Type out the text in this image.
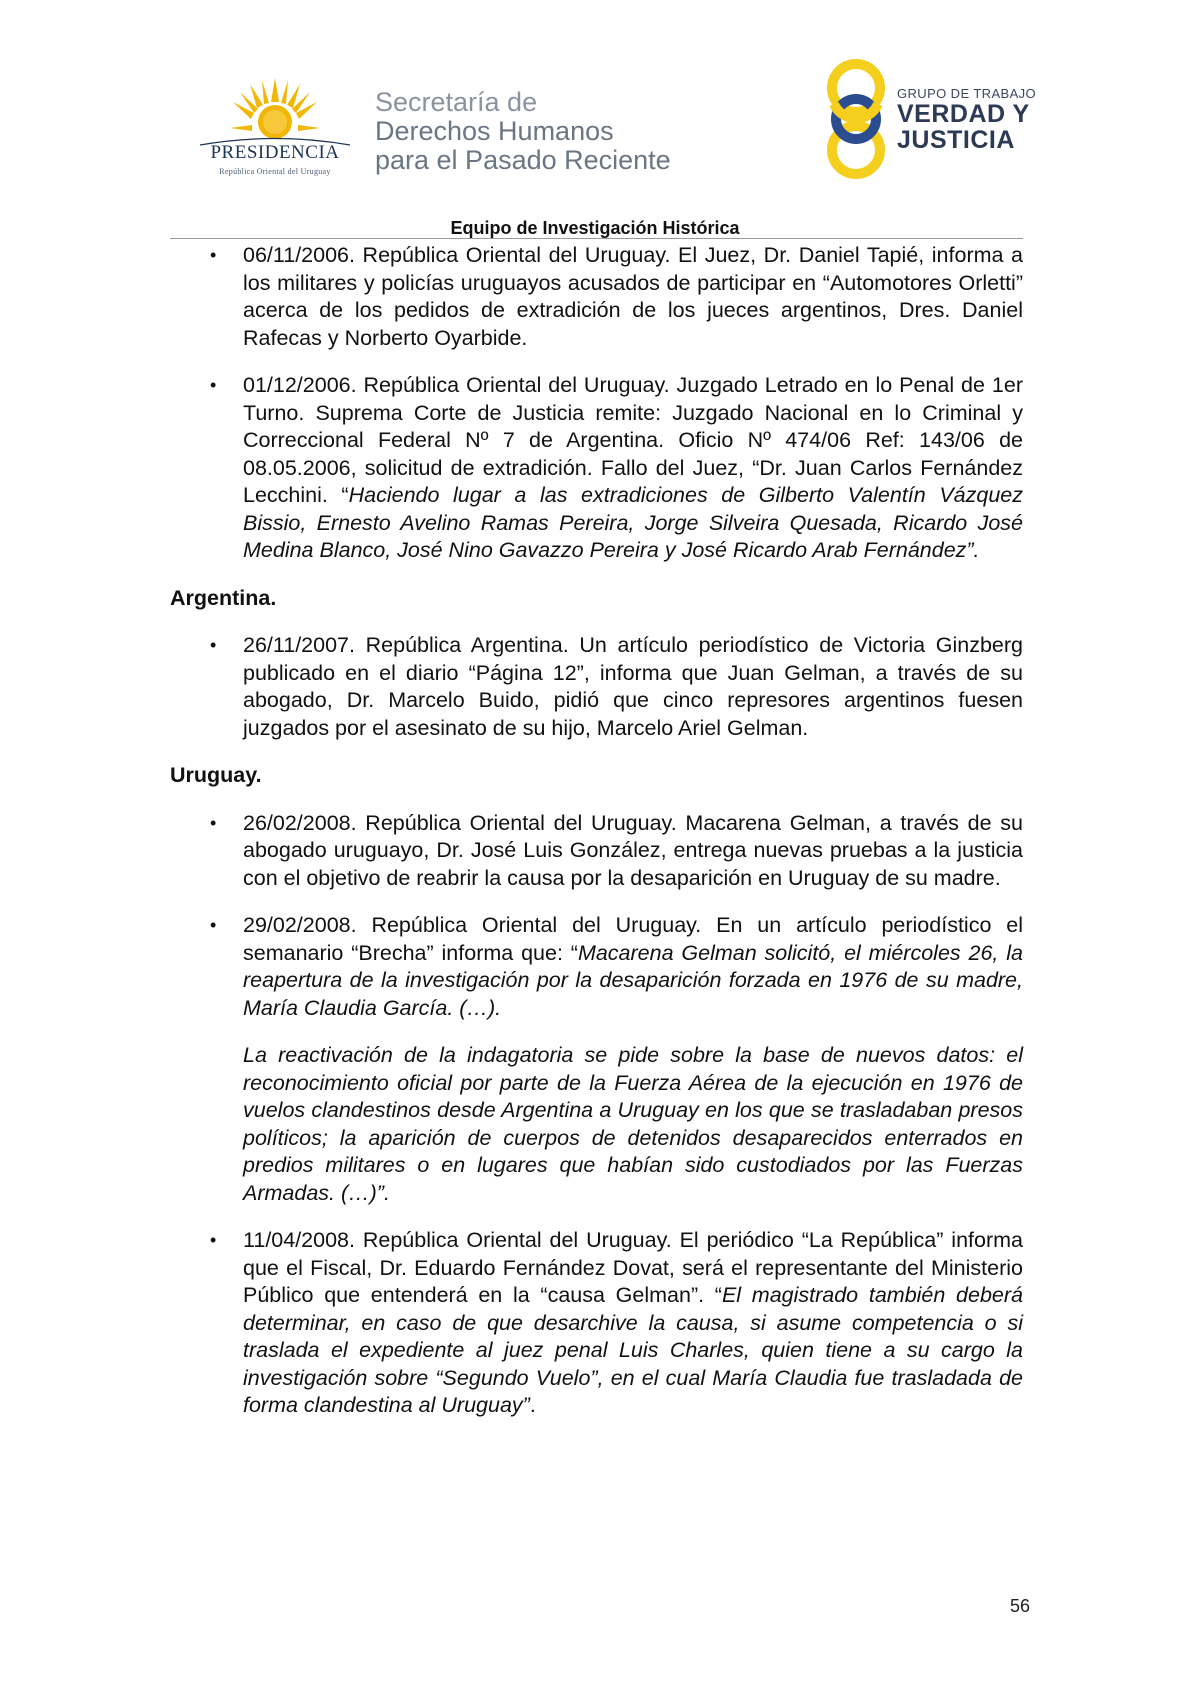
PRESIDENCIA
República Oriental del Uruguay
Secretaría de
Derechos Humanos
para el Pasado Reciente
GRUPO DE TRABAJO
VERDAD Y
JUSTICIA
Equipo de Investigación Histórica
• 06/11/2006. República Oriental del Uruguay. El Juez, Dr. Daniel Tapié, informa a los militares y policías uruguayos acusados de participar en “Automotores Orletti” acerca de los pedidos de extradición de los jueces argentinos, Dres. Daniel Rafecas y Norberto Oyarbide.

• 01/12/2006. República Oriental del Uruguay. Juzgado Letrado en lo Penal de 1er Turno. Suprema Corte de Justicia remite: Juzgado Nacional en lo Criminal y Correccional Federal Nº 7 de Argentina. Oficio Nº 474/06 Ref: 143/06 de 08.05.2006, solicitud de extradición. Fallo del Juez, “Dr. Juan Carlos Fernández Lecchini. “Haciendo lugar a las extradiciones de Gilberto Valentín Vázquez Bissio, Ernesto Avelino Ramas Pereira, Jorge Silveira Quesada, Ricardo José Medina Blanco, José Nino Gavazzo Pereira y José Ricardo Arab Fernández”.

Argentina.
• 26/11/2007. República Argentina. Un artículo periodístico de Victoria Ginzberg publicado en el diario “Página 12”, informa que Juan Gelman, a través de su abogado, Dr. Marcelo Buido, pidió que cinco represores argentinos fuesen juzgados por el asesinato de su hijo, Marcelo Ariel Gelman.

Uruguay.
• 26/02/2008. República Oriental del Uruguay. Macarena Gelman, a través de su abogado uruguayo, Dr. José Luis González, entrega nuevas pruebas a la justicia con el objetivo de reabrir la causa por la desaparición en Uruguay de su madre.

• 29/02/2008. República Oriental del Uruguay. En un artículo periodístico el semanario “Brecha” informa que: “Macarena Gelman solicitó, el miércoles 26, la reapertura de la investigación por la desaparición forzada en 1976 de su madre, María Claudia García. (…).

La reactivación de la indagatoria se pide sobre la base de nuevos datos: el reconocimiento oficial por parte de la Fuerza Aérea de la ejecución en 1976 de vuelos clandestinos desde Argentina a Uruguay en los que se trasladaban presos políticos; la aparición de cuerpos de detenidos desaparecidos enterrados en predios militares o en lugares que habían sido custodiados por las Fuerzas Armadas. (…)”.

• 11/04/2008. República Oriental del Uruguay. El periódico “La República” informa que el Fiscal, Dr. Eduardo Fernández Dovat, será el representante del Ministerio Público que entenderá en la “causa Gelman”. “El magistrado también deberá determinar, en caso de que desarchive la causa, si asume competencia o si traslada el expediente al juez penal Luis Charles, quien tiene a su cargo la investigación sobre “Segundo Vuelo”, en el cual María Claudia fue trasladada de forma clandestina al Uruguay”.

56
